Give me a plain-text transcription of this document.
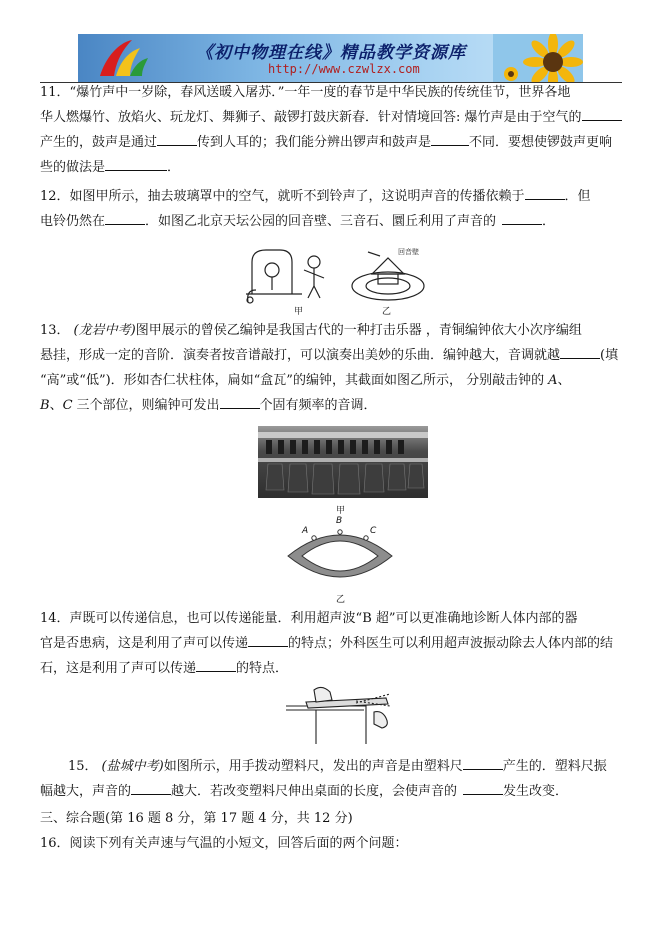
《初中物理在线》精品教学资源库
http://www.czwlzx.com
11．“爆竹声中一岁除，春风送暖入屠苏．”一年一度的春节是中华民族的传统佳节，世界各地
华人燃爆竹、放焰火、玩龙灯、舞狮子、敲锣打鼓庆新春．针对情境回答: 爆竹声是由于空气的
产生的，鼓声是通过	传到人耳的；我们能分辨出锣声和鼓声是	不同．要想使锣鼓声更响
些的做法是	．
12．如图甲所示，抽去玻璃罩中的空气，就听不到铃声了，这说明声音的传播依赖于	．但
电铃仍然在	．如图乙北京天坛公园的回音壁、三音石、圜丘利用了声音的	．
回音壁
甲	乙
13． (龙岩中考)图甲展示的曾侯乙编钟是我国古代的一种打击乐器 ，青铜编钟依大小次序编组
悬挂，形成一定的音阶．演奏者按音谱敲打，可以演奏出美妙的乐曲．编钟越大，音调就越	(填
“高”或“低”)．形如杏仁状柱体，扁如“盒瓦”的编钟，其截面如图乙所示， 分别敲击钟的 A、
B、C 三个部位，则编钟可发出	个固有频率的音调．
甲
A
B
C
乙
14．声既可以传递信息，也可以传递能量．利用超声波“B 超”可以更准确地诊断人体内部的器
官是否患病，这是利用了声可以传递	的特点；外科医生可以利用超声波振动除去人体内部的结
石，这是利用了声可以传递	的特点．
15． (盐城中考)如图所示，用手拨动塑料尺，发出的声音是由塑料尺	产生的．塑料尺振
幅越大，声音的	越大．若改变塑料尺伸出桌面的长度，会使声音的	发生改变．
三、综合题(第 16 题 8 分，第 17 题 4 分，共 12 分)
16．阅读下列有关声速与气温的小短文，回答后面的两个问题：
